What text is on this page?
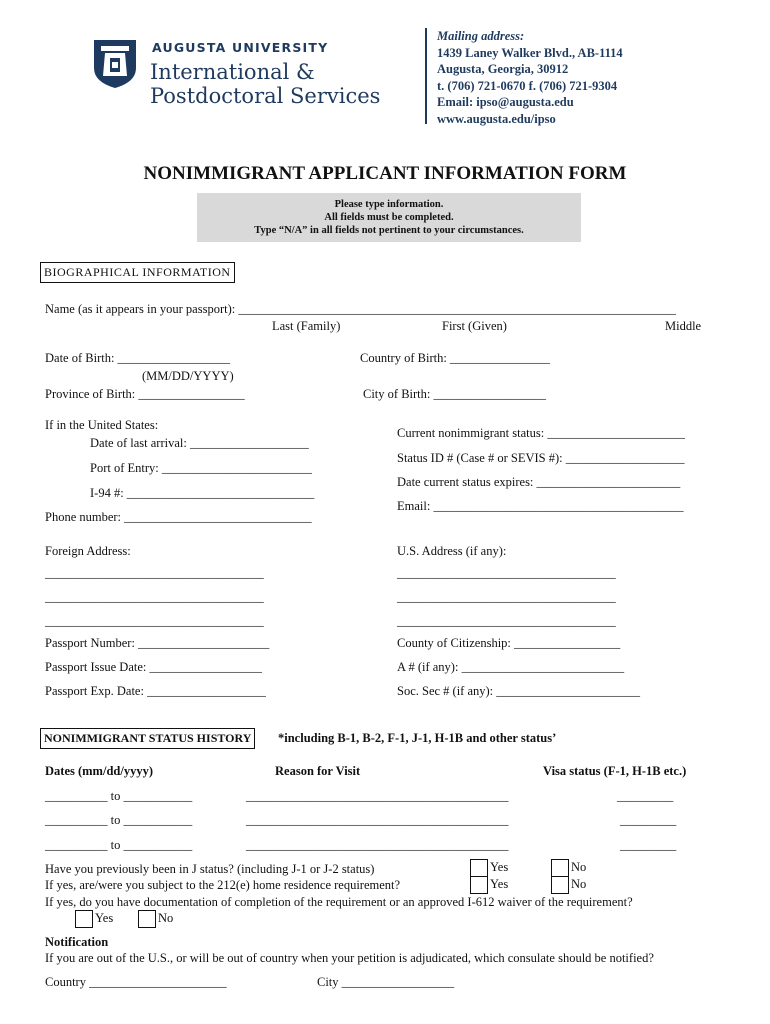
AUGUSTA UNIVERSITY
International &
Postdoctoral Services
Mailing address:
1439 Laney Walker Blvd., AB-1114
Augusta, Georgia, 30912
t. (706) 721-0670 f. (706) 721-9304
Email: ipso@augusta.edu
www.augusta.edu/ipso
NONIMMIGRANT APPLICANT INFORMATION FORM
Please type information.
All fields must be completed.
Type “N/A” in all fields not pertinent to your circumstances.
BIOGRAPHICAL INFORMATION
Name (as it appears in your passport): ______________________________________________________________________
Last (Family)	First (Given)	Middle
Date of Birth: __________________
(MM/DD/YYYY)
Country of Birth: ________________
Province of Birth: _________________	City of Birth: __________________
If in the United States:
Date of last arrival: ___________________
Port of Entry: ________________________
I-94 #: ______________________________
Phone number: ______________________________
Current nonimmigrant status: ______________________
Status ID # (Case # or SEVIS #): ___________________
Date current status expires: _______________________
Email: ________________________________________
Foreign Address:	U.S. Address (if any):
___________________________________
___________________________________
___________________________________
___________________________________
___________________________________
___________________________________
Passport Number: _____________________
Passport Issue Date: __________________
Passport Exp. Date: ___________________
County of Citizenship: _________________
A # (if any): __________________________
Soc. Sec # (if any): _______________________
NONIMMIGRANT STATUS HISTORY	*including B-1, B-2, F-1, J-1, H-1B and other status’
Dates (mm/dd/yyyy)	Reason for Visit	Visa status (F-1, H-1B etc.)
__________ to ___________	__________________________________________	_________
__________ to ___________	__________________________________________	_________
__________ to ___________	__________________________________________	_________
Have you previously been in J status? (including J-1 or J-2 status)	Yes	No
If yes, are/were you subject to the 212(e) home residence requirement?	Yes	No
If yes, do you have documentation of completion of the requirement or an approved I-612 waiver of the requirement?
Yes	No
Notification
If you are out of the U.S., or will be out of country when your petition is adjudicated, which consulate should be notified?
Country ______________________	City __________________
